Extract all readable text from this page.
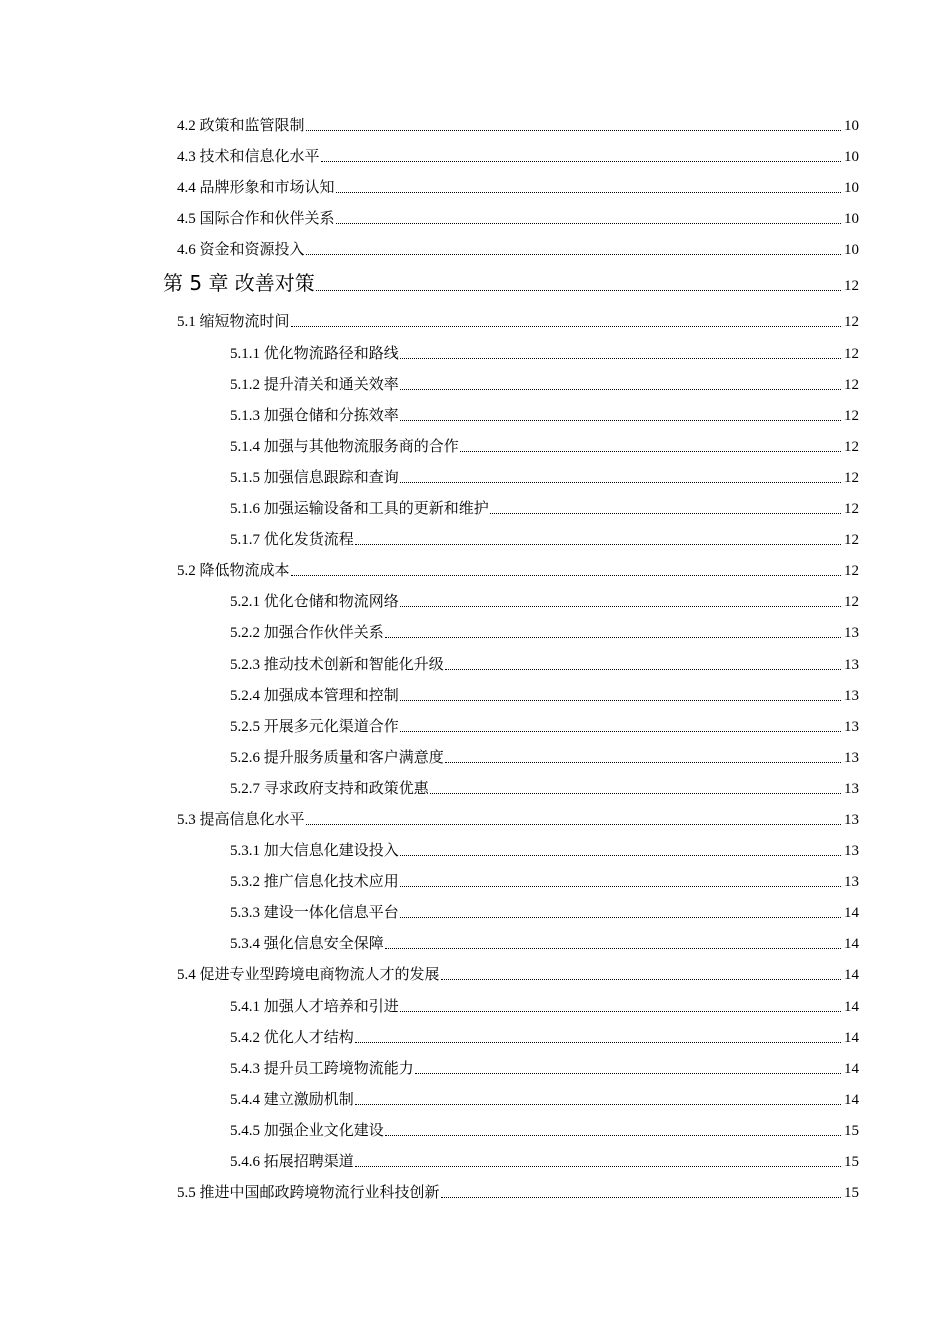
4.2 政策和监管限制	10
4.3 技术和信息化水平	10
4.4 品牌形象和市场认知	10
4.5 国际合作和伙伴关系	10
4.6 资金和资源投入	10
第 5 章 改善对策	12
5.1 缩短物流时间	12
5.1.1 优化物流路径和路线	12
5.1.2 提升清关和通关效率	12
5.1.3 加强仓储和分拣效率	12
5.1.4 加强与其他物流服务商的合作	12
5.1.5 加强信息跟踪和查询	12
5.1.6 加强运输设备和工具的更新和维护	12
5.1.7 优化发货流程	12
5.2 降低物流成本	12
5.2.1 优化仓储和物流网络	12
5.2.2 加强合作伙伴关系	13
5.2.3 推动技术创新和智能化升级	13
5.2.4 加强成本管理和控制	13
5.2.5 开展多元化渠道合作	13
5.2.6 提升服务质量和客户满意度	13
5.2.7 寻求政府支持和政策优惠	13
5.3 提高信息化水平	13
5.3.1 加大信息化建设投入	13
5.3.2 推广信息化技术应用	13
5.3.3 建设一体化信息平台	14
5.3.4 强化信息安全保障	14
5.4 促进专业型跨境电商物流人才的发展	14
5.4.1 加强人才培养和引进	14
5.4.2 优化人才结构	14
5.4.3 提升员工跨境物流能力	14
5.4.4 建立激励机制	14
5.4.5 加强企业文化建设	15
5.4.6 拓展招聘渠道	15
5.5 推进中国邮政跨境物流行业科技创新	15
